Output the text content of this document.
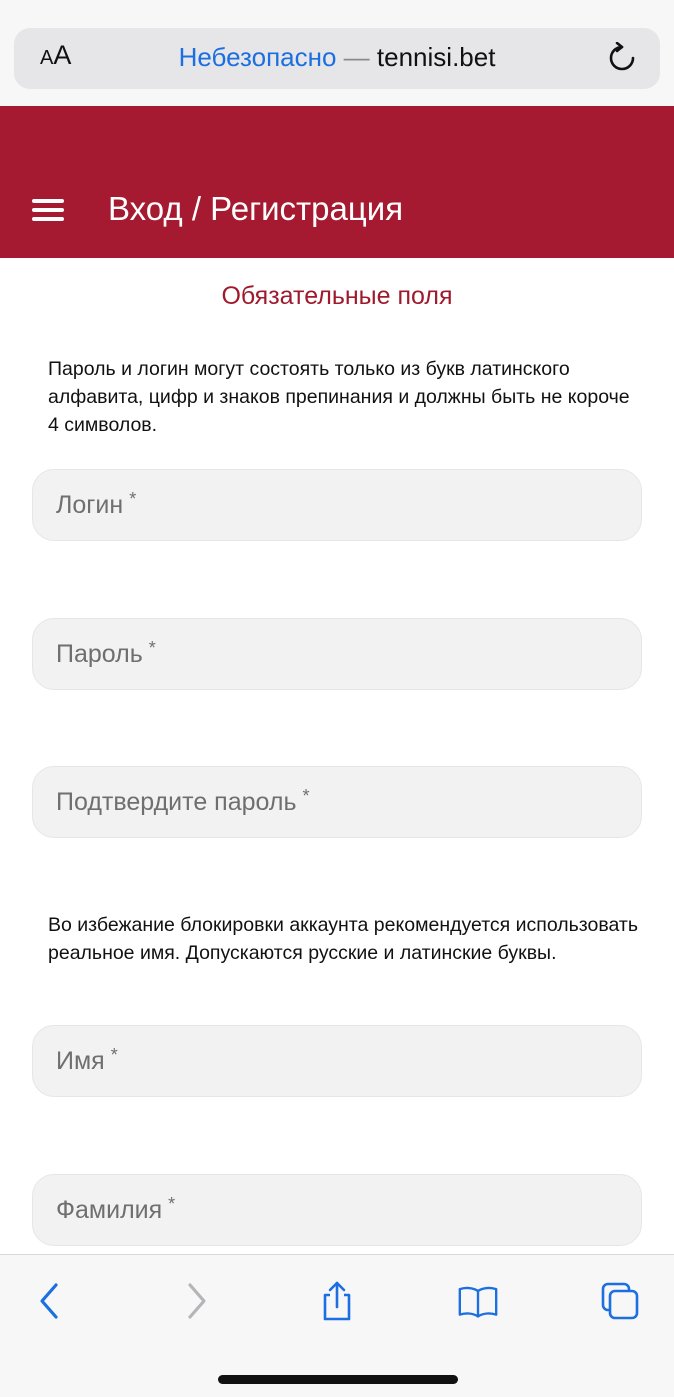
A A	Небезопасно — tennisi.bet
Вход / Регистрация
Обязательные поля
Пароль и логин могут состоять только из букв латинского алфавита, цифр и знаков препинания и должны быть не короче 4 символов.
Логин *
Пароль *
Подтвердите пароль *
Во избежание блокировки аккаунта рекомендуется использовать реальное имя. Допускаются русские и латинские буквы.
Имя *
Фамилия *
